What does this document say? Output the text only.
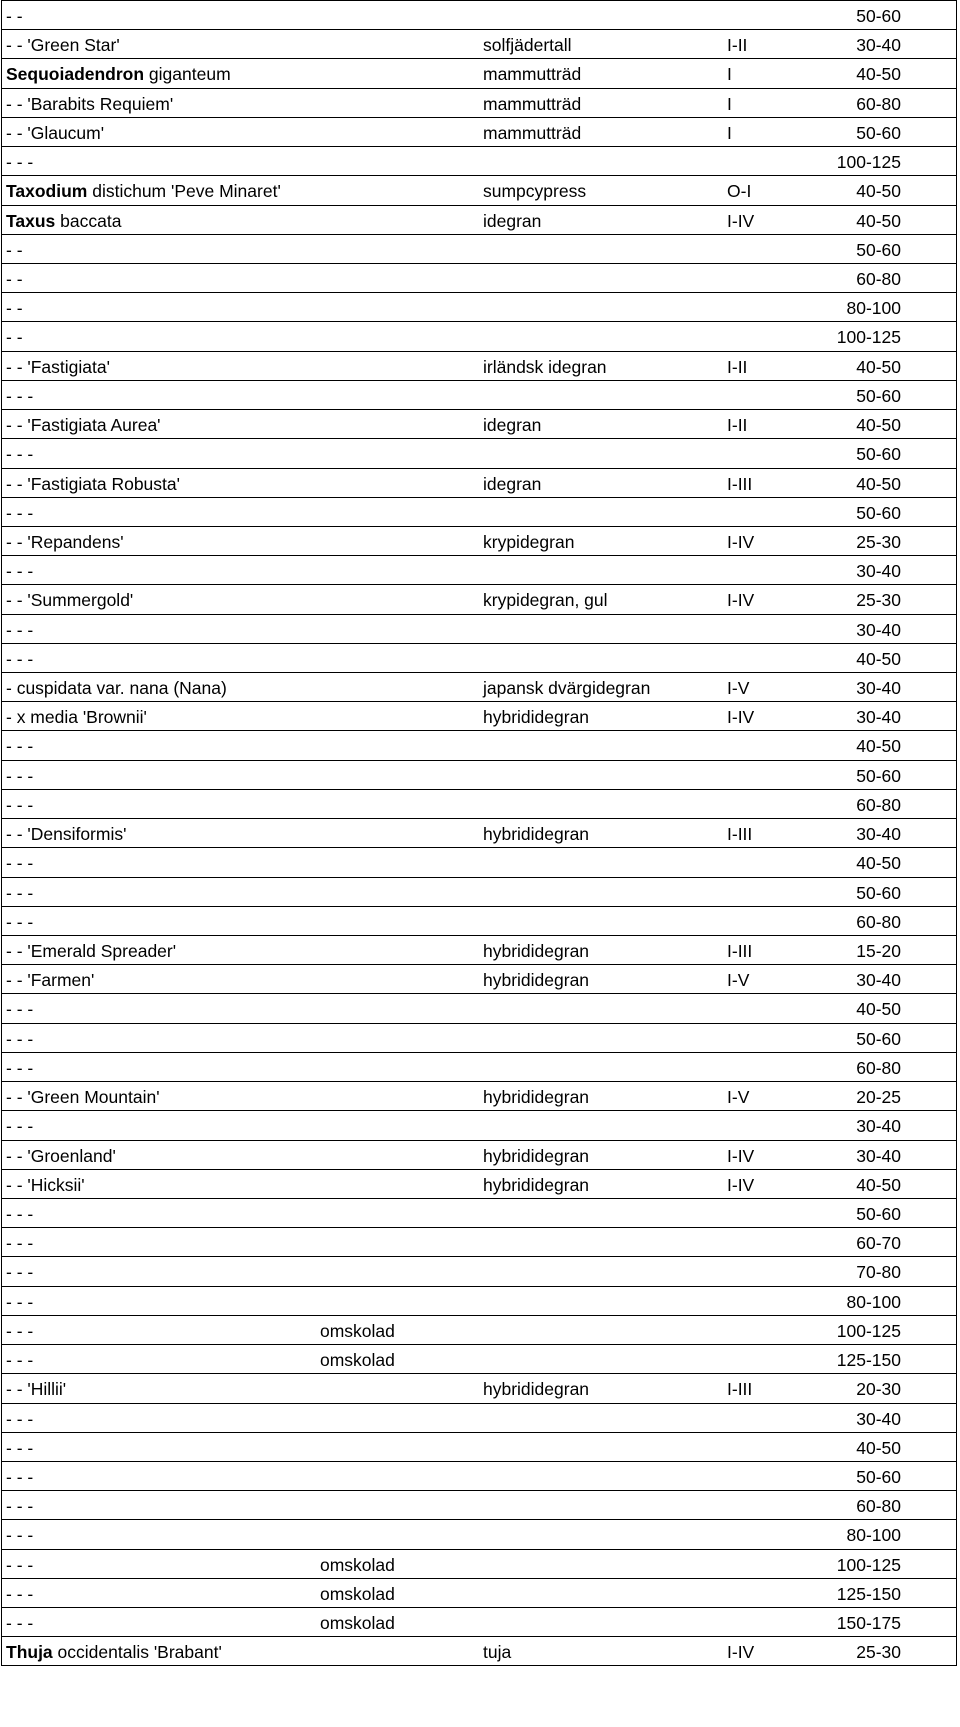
- -	50-60
- - 'Green Star'	solfjädertall	I-II	30-40
Sequoiadendron giganteum	mammutträd	I	40-50
- - 'Barabits Requiem'	mammutträd	I	60-80
- - 'Glaucum'	mammutträd	I	50-60
- - -	100-125
Taxodium distichum 'Peve Minaret'	sumpcypress	O-I	40-50
Taxus baccata	idegran	I-IV	40-50
- -	50-60
- -	60-80
- -	80-100
- -	100-125
- - 'Fastigiata'	irländsk idegran	I-II	40-50
- - -	50-60
- - 'Fastigiata Aurea'	idegran	I-II	40-50
- - -	50-60
- - 'Fastigiata Robusta'	idegran	I-III	40-50
- - -	50-60
- - 'Repandens'	krypidegran	I-IV	25-30
- - -	30-40
- - 'Summergold'	krypidegran, gul	I-IV	25-30
- - -	30-40
- - -	40-50
- cuspidata var. nana (Nana)	japansk dvärgidegran	I-V	30-40
- x media 'Brownii'	hybrididegran	I-IV	30-40
- - -	40-50
- - -	50-60
- - -	60-80
- - 'Densiformis'	hybrididegran	I-III	30-40
- - -	40-50
- - -	50-60
- - -	60-80
- - 'Emerald Spreader'	hybrididegran	I-III	15-20
- - 'Farmen'	hybrididegran	I-V	30-40
- - -	40-50
- - -	50-60
- - -	60-80
- - 'Green Mountain'	hybrididegran	I-V	20-25
- - -	30-40
- - 'Groenland'	hybrididegran	I-IV	30-40
- - 'Hicksii'	hybrididegran	I-IV	40-50
- - -	50-60
- - -	60-70
- - -	70-80
- - -	80-100
- - -	omskolad	100-125
- - -	omskolad	125-150
- - 'Hillii'	hybrididegran	I-III	20-30
- - -	30-40
- - -	40-50
- - -	50-60
- - -	60-80
- - -	80-100
- - -	omskolad	100-125
- - -	omskolad	125-150
- - -	omskolad	150-175
Thuja occidentalis 'Brabant'	tuja	I-IV	25-30
